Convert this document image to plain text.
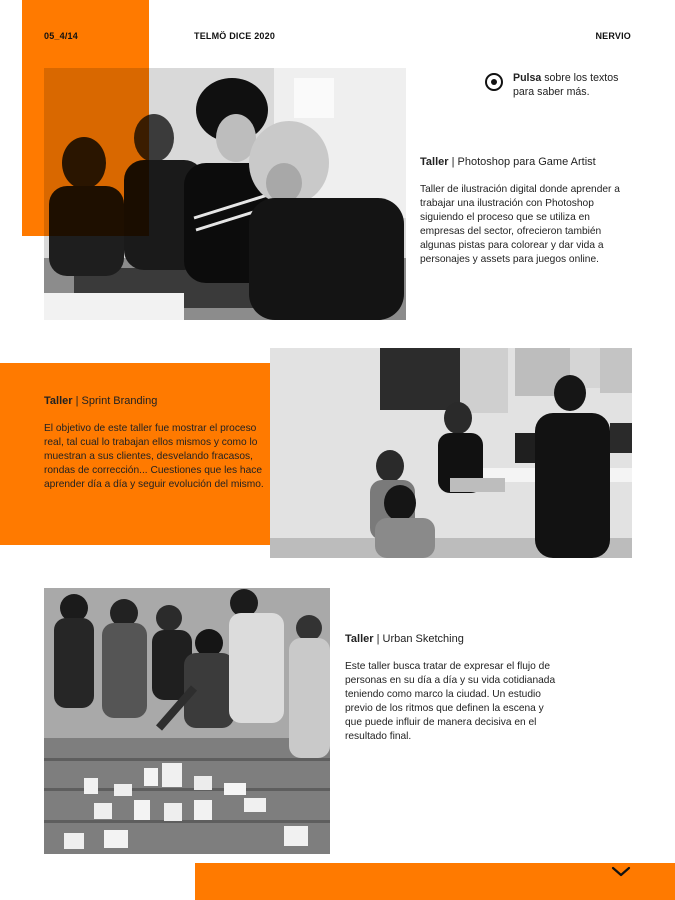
05_4/14	TELMÖ DICE 2020	NERVIO
Pulsa sobre los textos para saber más.
Taller | Photoshop para Game Artist
Taller de ilustración digital donde aprender a trabajar una ilustración con Photoshop siguiendo el proceso que se utiliza en empresas del sector, ofrecieron también algunas pistas para colorear y dar vida a personajes y assets para juegos online.
Taller | Sprint Branding
El objetivo de este taller fue mostrar el proceso real, tal cual lo trabajan ellos mismos y como lo muestran a sus clientes, desvelando fracasos, rondas de corrección... Cuestiones que les hace aprender día a día y seguir evolución del mismo.
Taller | Urban Sketching
Este taller busca tratar de expresar el flujo de personas en su día a día y su vida cotidianada teniendo como marco la ciudad. Un estudio previo de los ritmos que definen la escena y que puede influir de manera decisiva en el resultado final.
